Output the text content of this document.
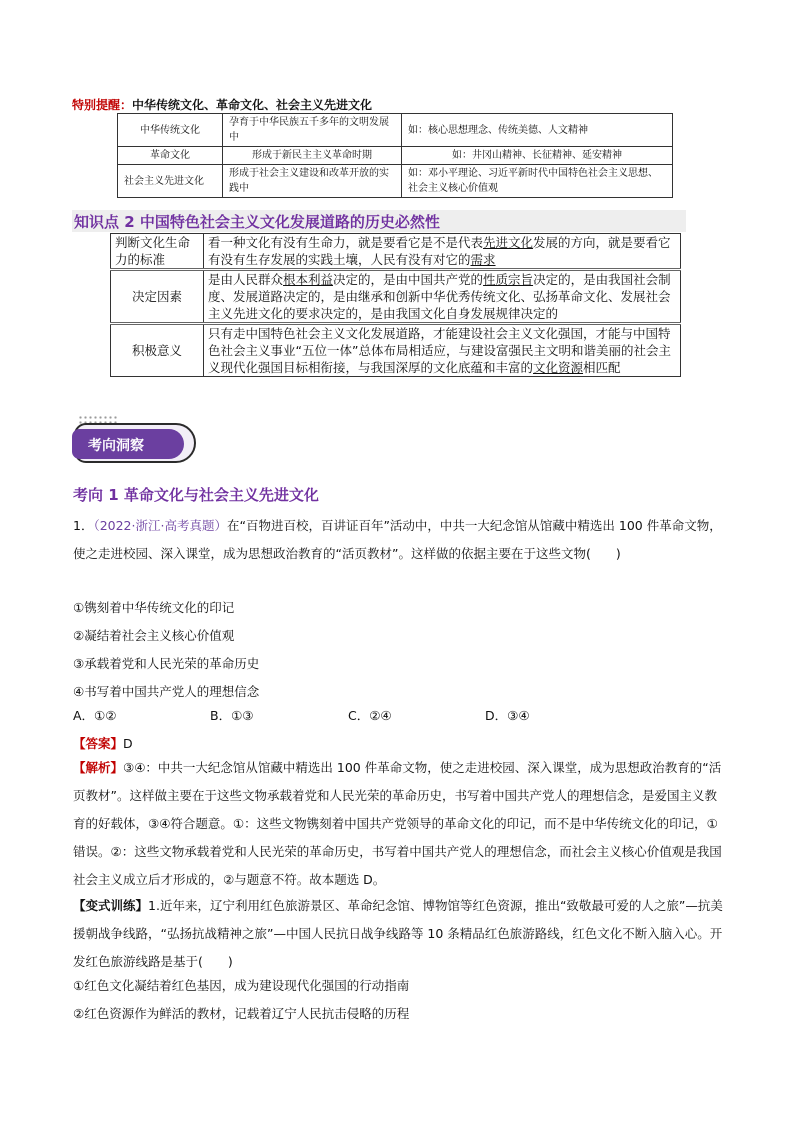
特别提醒：中华传统文化、革命文化、社会主义先进文化
中华传统文化	孕育于中华民族五千多年的文明发展中	如：核心思想理念、传统美德、人文精神
革命文化	形成于新民主主义革命时期	如：井冈山精神、长征精神、延安精神
社会主义先进文化	形成于社会主义建设和改革开放的实践中	如：邓小平理论、习近平新时代中国特色社会主义思想、社会主义核心价值观
知识点 2 中国特色社会主义文化发展道路的历史必然性
判断文化生命力的标准	看一种文化有没有生命力，就是要看它是不是代表先进文化发展的方向，就是要看它有没有生存发展的实践土壤，人民有没有对它的需求
决定因素	是由人民群众根本利益决定的，是由中国共产党的性质宗旨决定的，是由我国社会制度、发展道路决定的，是由继承和创新中华优秀传统文化、弘扬革命文化、发展社会主义先进文化的要求决定的，是由我国文化自身发展规律决定的
积极意义	只有走中国特色社会主义文化发展道路，才能建设社会主义文化强国，才能与中国特色社会主义事业“五位一体”总体布局相适应，与建设富强民主文明和谐美丽的社会主义现代化强国目标相衔接，与我国深厚的文化底蕴和丰富的文化资源相匹配
考向洞察
考向 1 革命文化与社会主义先进文化
1．（2022·浙江·高考真题）在“百物进百校，百讲证百年”活动中，中共一大纪念馆从馆藏中精选出 100 件革命文物，使之走进校园、深入课堂，成为思想政治教育的“活页教材”。这样做的依据主要在于这些文物(　　)
①镌刻着中华传统文化的印记
②凝结着社会主义核心价值观
③承载着党和人民光荣的革命历史
④书写着中国共产党人的理想信念
A．①②	B．①③	C．②④	D．③④
【答案】D
【解析】③④：中共一大纪念馆从馆藏中精选出 100 件革命文物，使之走进校园、深入课堂，成为思想政治教育的“活页教材”。这样做主要在于这些文物承载着党和人民光荣的革命历史，书写着中国共产党人的理想信念，是爱国主义教育的好载体，③④符合题意。①：这些文物镌刻着中国共产党领导的革命文化的印记，而不是中华传统文化的印记，①错误。②：这些文物承载着党和人民光荣的革命历史，书写着中国共产党人的理想信念，而社会主义核心价值观是我国社会主义成立后才形成的，②与题意不符。故本题选 D。
【变式训练】1.近年来，辽宁利用红色旅游景区、革命纪念馆、博物馆等红色资源，推出“致敬最可爱的人之旅”—抗美援朝战争线路，“弘扬抗战精神之旅”—中国人民抗日战争线路等 10 条精品红色旅游路线，红色文化不断入脑入心。开发红色旅游线路是基于(　　)
①红色文化凝结着红色基因，成为建设现代化强国的行动指南
②红色资源作为鲜活的教材，记载着辽宁人民抗击侵略的历程
